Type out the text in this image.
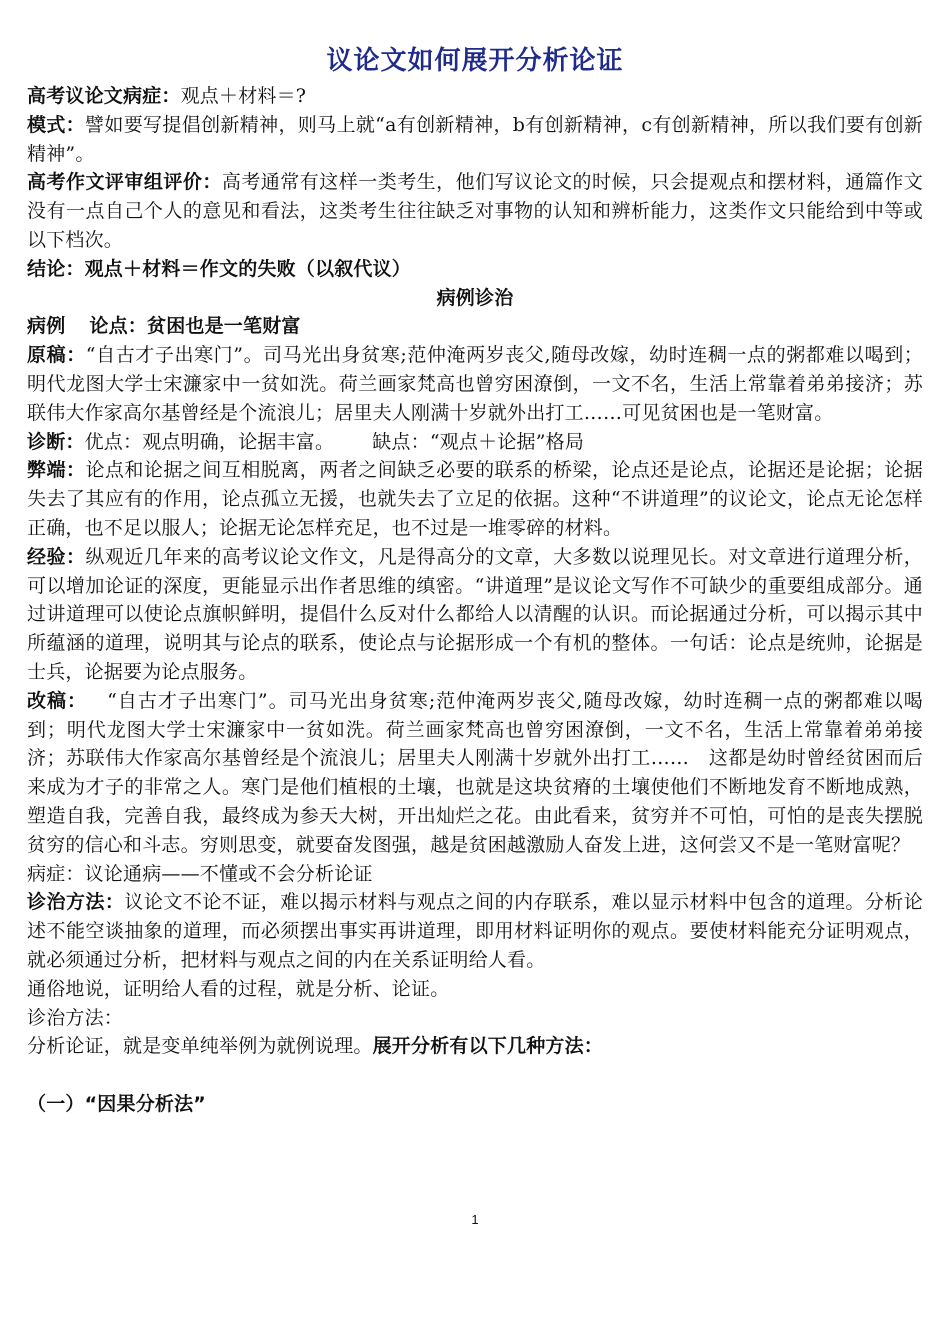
议论文如何展开分析论证

高考议论文病症：观点＋材料＝?

模式：譬如要写提倡创新精神，则马上就“a有创新精神，b有创新精神，c有创新精神，所以我们要有创新精神”。

高考作文评审组评价：高考通常有这样一类考生，他们写议论文的时候，只会提观点和摆材料，通篇作文没有一点自己个人的意见和看法，这类考生往往缺乏对事物的认知和辨析能力，这类作文只能给到中等或以下档次。

结论：观点＋材料＝作文的失败（以叙代议）

病例诊治

病例 论点：贫困也是一笔财富

原稿：“自古才子出寒门”。司马光出身贫寒;范仲淹两岁丧父,随母改嫁，幼时连稠一点的粥都难以喝到；明代龙图大学士宋濂家中一贫如洗。荷兰画家梵高也曾穷困潦倒，一文不名，生活上常靠着弟弟接济；苏联伟大作家高尔基曾经是个流浪儿；居里夫人刚满十岁就外出打工……可见贫困也是一笔财富。

诊断：优点：观点明确，论据丰富。 缺点：“观点＋论据”格局

弊端：论点和论据之间互相脱离，两者之间缺乏必要的联系的桥梁，论点还是论点，论据还是论据；论据失去了其应有的作用，论点孤立无援，也就失去了立足的依据。这种“不讲道理”的议论文，论点无论怎样正确，也不足以服人；论据无论怎样充足，也不过是一堆零碎的材料。

经验：纵观近几年来的高考议论文作文，凡是得高分的文章，大多数以说理见长。对文章进行道理分析，可以增加论证的深度，更能显示出作者思维的缜密。“讲道理”是议论文写作不可缺少的重要组成部分。通过讲道理可以使论点旗帜鲜明，提倡什么反对什么都给人以清醒的认识。而论据通过分析，可以揭示其中所蕴涵的道理，说明其与论点的联系，使论点与论据形成一个有机的整体。一句话：论点是统帅，论据是士兵，论据要为论点服务。

改稿： “自古才子出寒门”。司马光出身贫寒;范仲淹两岁丧父,随母改嫁，幼时连稠一点的粥都难以喝到；明代龙图大学士宋濂家中一贫如洗。荷兰画家梵高也曾穷困潦倒，一文不名，生活上常靠着弟弟接济；苏联伟大作家高尔基曾经是个流浪儿；居里夫人刚满十岁就外出打工……　这都是幼时曾经贫困而后来成为才子的非常之人。寒门是他们植根的土壤，也就是这块贫瘠的土壤使他们不断地发育不断地成熟，塑造自我，完善自我，最终成为参天大树，开出灿烂之花。由此看来，贫穷并不可怕，可怕的是丧失摆脱贫穷的信心和斗志。穷则思变，就要奋发图强，越是贫困越激励人奋发上进，这何尝又不是一笔财富呢？

病症：议论通病——不懂或不会分析论证

诊治方法：议论文不论不证，难以揭示材料与观点之间的内存联系，难以显示材料中包含的道理。分析论述不能空谈抽象的道理，而必须摆出事实再讲道理，即用材料证明你的观点。要使材料能充分证明观点，就必须通过分析，把材料与观点之间的内在关系证明给人看。

通俗地说，证明给人看的过程，就是分析、论证。

诊治方法：

分析论证，就是变单纯举例为就例说理。展开分析有以下几种方法：

（一）“因果分析法”

1
